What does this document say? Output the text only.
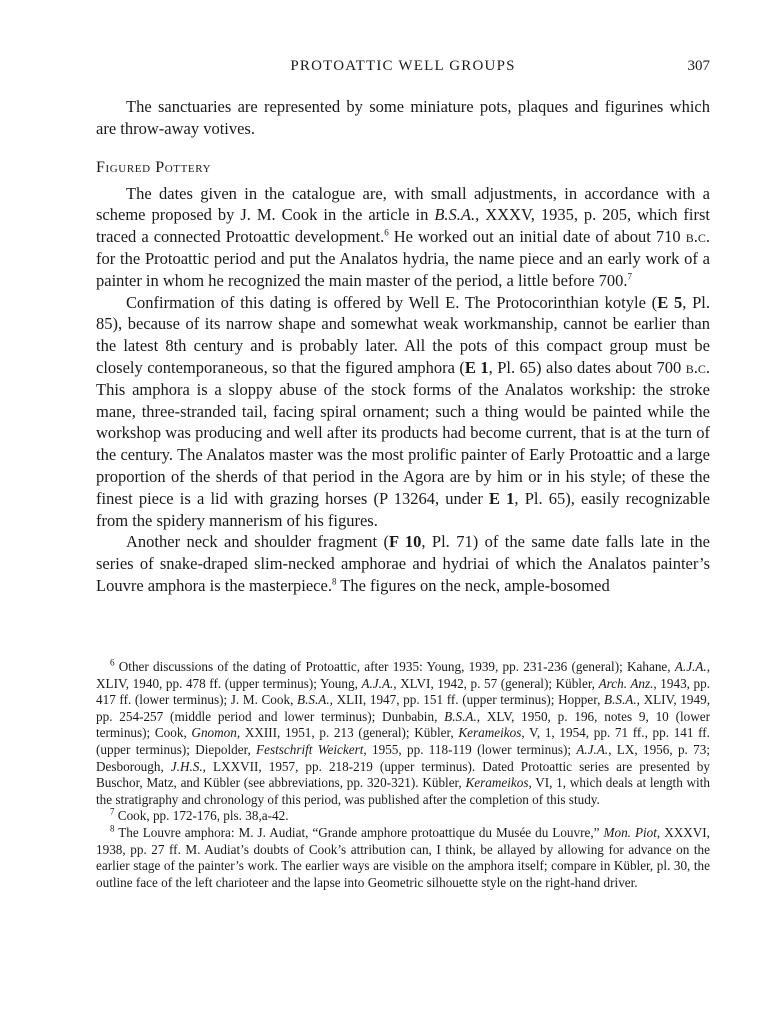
PROTOATTIC WELL GROUPS	307

The sanctuaries are represented by some miniature pots, plaques and figurines which are throw-away votives.

Figured Pottery

The dates given in the catalogue are, with small adjustments, in accordance with a scheme proposed by J. M. Cook in the article in B.S.A., XXXV, 1935, p. 205, which first traced a connected Protoattic development.$^6$ He worked out an initial date of about 710 b.c. for the Protoattic period and put the Analatos hydria, the name piece and an early work of a painter in whom he recognized the main master of the period, a little before 700.$^7$

Confirmation of this dating is offered by Well E. The Protocorinthian kotyle (E 5, Pl. 85), because of its narrow shape and somewhat weak workmanship, cannot be earlier than the latest 8th century and is probably later. All the pots of this compact group must be closely contemporaneous, so that the figured amphora (E 1, Pl. 65) also dates about 700 b.c. This amphora is a sloppy abuse of the stock forms of the Analatos workship: the stroke mane, three-stranded tail, facing spiral ornament; such a thing would be painted while the workshop was producing and well after its products had become current, that is at the turn of the century. The Analatos master was the most prolific painter of Early Protoattic and a large proportion of the sherds of that period in the Agora are by him or in his style; of these the finest piece is a lid with grazing horses (P 13264, under E 1, Pl. 65), easily recognizable from the spidery mannerism of his figures.

Another neck and shoulder fragment (F 10, Pl. 71) of the same date falls late in the series of snake-draped slim-necked amphorae and hydriai of which the Analatos painter’s Louvre amphora is the masterpiece.$^8$ The figures on the neck, ample-bosomed

$^6$ Other discussions of the dating of Protoattic, after 1935: Young, 1939, pp. 231-236 (general); Kahane, A.J.A., XLIV, 1940, pp. 478 ff. (upper terminus); Young, A.J.A., XLVI, 1942, p. 57 (general); Kübler, Arch. Anz., 1943, pp. 417 ff. (lower terminus); J. M. Cook, B.S.A., XLII, 1947, pp. 151 ff. (upper terminus); Hopper, B.S.A., XLIV, 1949, pp. 254-257 (middle period and lower terminus); Dunbabin, B.S.A., XLV, 1950, p. 196, notes 9, 10 (lower terminus); Cook, Gnomon, XXIII, 1951, p. 213 (general); Kübler, Kerameikos, V, 1, 1954, pp. 71 ff., pp. 141 ff. (upper terminus); Diepolder, Festschrift Weickert, 1955, pp. 118-119 (lower terminus); A.J.A., LX, 1956, p. 73; Desborough, J.H.S., LXXVII, 1957, pp. 218-219 (upper terminus). Dated Protoattic series are presented by Buschor, Matz, and Kübler (see abbreviations, pp. 320-321). Kübler, Kerameikos, VI, 1, which deals at length with the stratigraphy and chronology of this period, was published after the completion of this study.

$^7$ Cook, pp. 172-176, pls. 38,a-42.

$^8$ The Louvre amphora: M. J. Audiat, “Grande amphore protoattique du Musée du Louvre,” Mon. Piot, XXXVI, 1938, pp. 27 ff. M. Audiat’s doubts of Cook’s attribution can, I think, be allayed by allowing for advance on the earlier stage of the painter’s work. The earlier ways are visible on the amphora itself; compare in Kübler, pl. 30, the outline face of the left charioteer and the lapse into Geometric silhouette style on the right-hand driver.
